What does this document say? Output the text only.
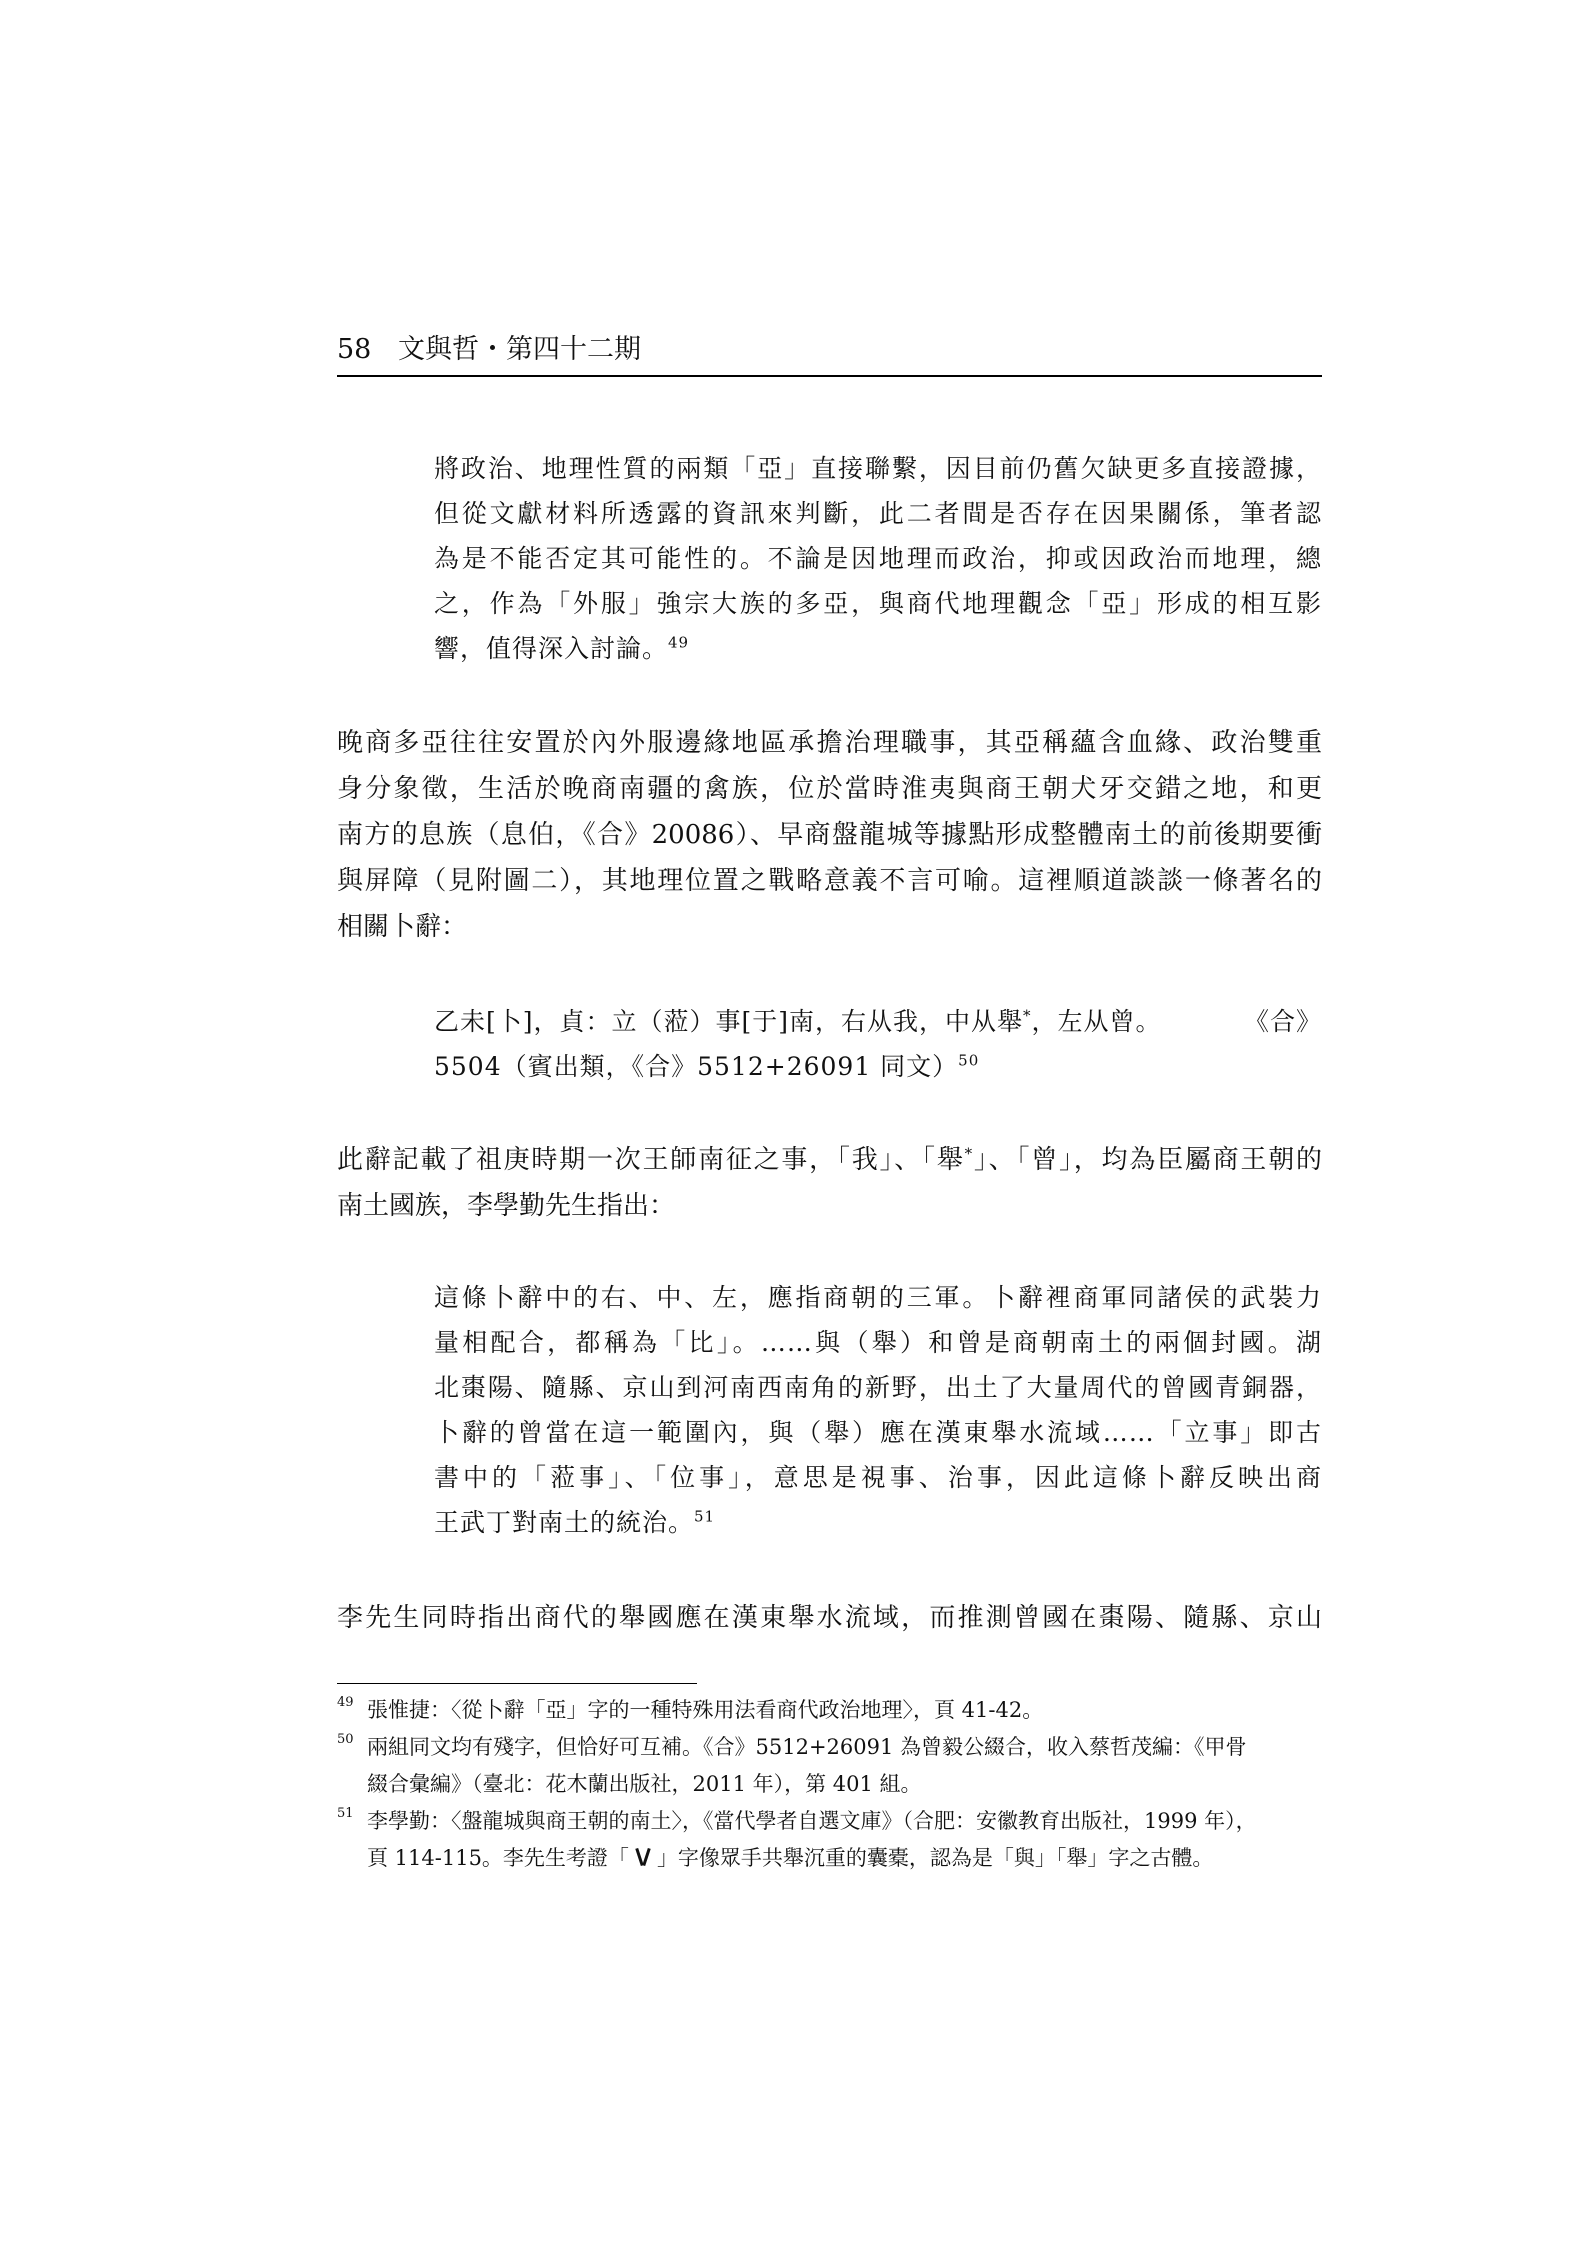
58 文與哲・第四十二期
將政治、地理性質的兩類「亞」直接聯繫，因目前仍舊欠缺更多直接證據，
但從文獻材料所透露的資訊來判斷，此二者間是否存在因果關係，筆者認
為是不能否定其可能性的。不論是因地理而政治，抑或因政治而地理，總
之，作為「外服」強宗大族的多亞，與商代地理觀念「亞」形成的相互影
響，值得深入討論。$^{49}$
晚商多亞往往安置於內外服邊緣地區承擔治理職事，其亞稱蘊含血緣、政治雙重
身分象徵，生活於晚商南疆的禽族，位於當時淮夷與商王朝犬牙交錯之地，和更
南方的息族（息伯，《合》20086）、早商盤龍城等據點形成整體南土的前後期要衝
與屏障（見附圖二），其地理位置之戰略意義不言可喻。這裡順道談談一條著名的
相關卜辭：
乙未[卜]，貞：立（蒞）事[于]南，右从我，中从舉*，左从曾。	《合》
5504（賓出類，《合》5512+26091 同文）$^{50}$
此辭記載了祖庚時期一次王師南征之事，「我」、「舉*」、「曾」，均為臣屬商王朝的
南土國族，李學勤先生指出：
這條卜辭中的右、中、左，應指商朝的三軍。卜辭裡商軍同諸侯的武裝力
量相配合，都稱為「比」。……與（舉）和曾是商朝南土的兩個封國。湖
北棗陽、隨縣、京山到河南西南角的新野，出土了大量周代的曾國青銅器，
卜辭的曾當在這一範圍內，與（舉）應在漢東舉水流域……「立事」即古
書中的「蒞事」、「位事」，意思是視事、治事，因此這條卜辭反映出商
王武丁對南土的統治。$^{51}$
李先生同時指出商代的舉國應在漢東舉水流域，而推測曾國在棗陽、隨縣、京山
49 張惟捷：〈從卜辭「亞」字的一種特殊用法看商代政治地理〉，頁 41-42。
50 兩組同文均有殘字，但恰好可互補。《合》5512+26091 為曾毅公綴合，收入蔡哲茂編：《甲骨
綴合彙編》（臺北：花木蘭出版社，2011 年），第 401 組。
51 李學勤：〈盤龍城與商王朝的南土〉，《當代學者自選文庫》（合肥：安徽教育出版社，1999 年），
頁 114-115。李先生考證「 」字像眾手共舉沉重的囊橐，認為是「與」「舉」字之古體。
